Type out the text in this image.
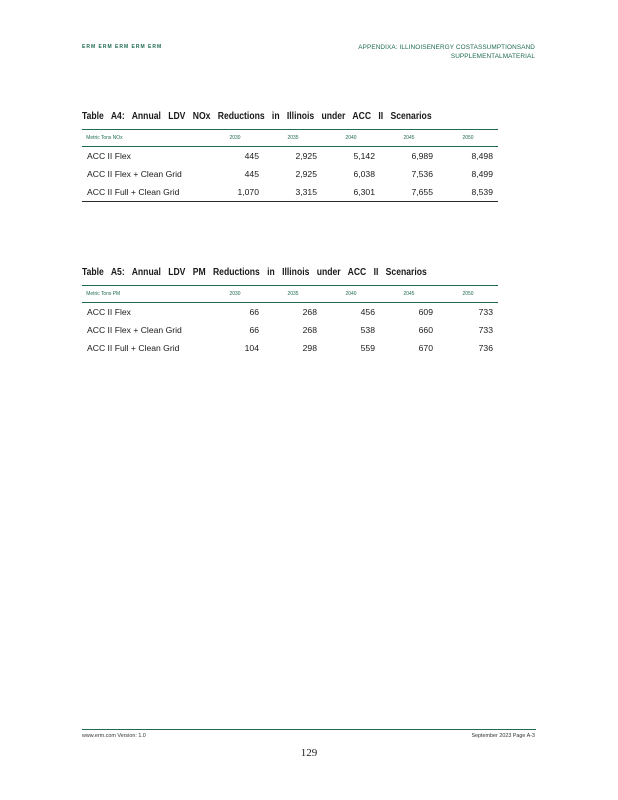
ERM ERM ERM ERM ERM	APPENDIXA: ILLINOISENERGY COSTASSUMPTIONSAND
SUPPLEMENTALMATERIAL
Table A4: Annual LDV NOx Reductions in Illinois under ACC II Scenarios
Metric Tons NOx	2030	2035	2040	2045	2050
ACC II Flex	445	2,925	5,142	6,989	8,498
ACC II Flex + Clean Grid	445	2,925	6,038	7,536	8,499
ACC II Full + Clean Grid	1,070	3,315	6,301	7,655	8,539
Table A5: Annual LDV PM Reductions in Illinois under ACC II Scenarios
Metric Tons PM	2030	2035	2040	2045	2050
ACC II Flex	66	268	456	609	733
ACC II Flex + Clean Grid	66	268	538	660	733
ACC II Full + Clean Grid	104	298	559	670	736
www.erm.com Version: 1.0	September 2023 Page A-3
129
